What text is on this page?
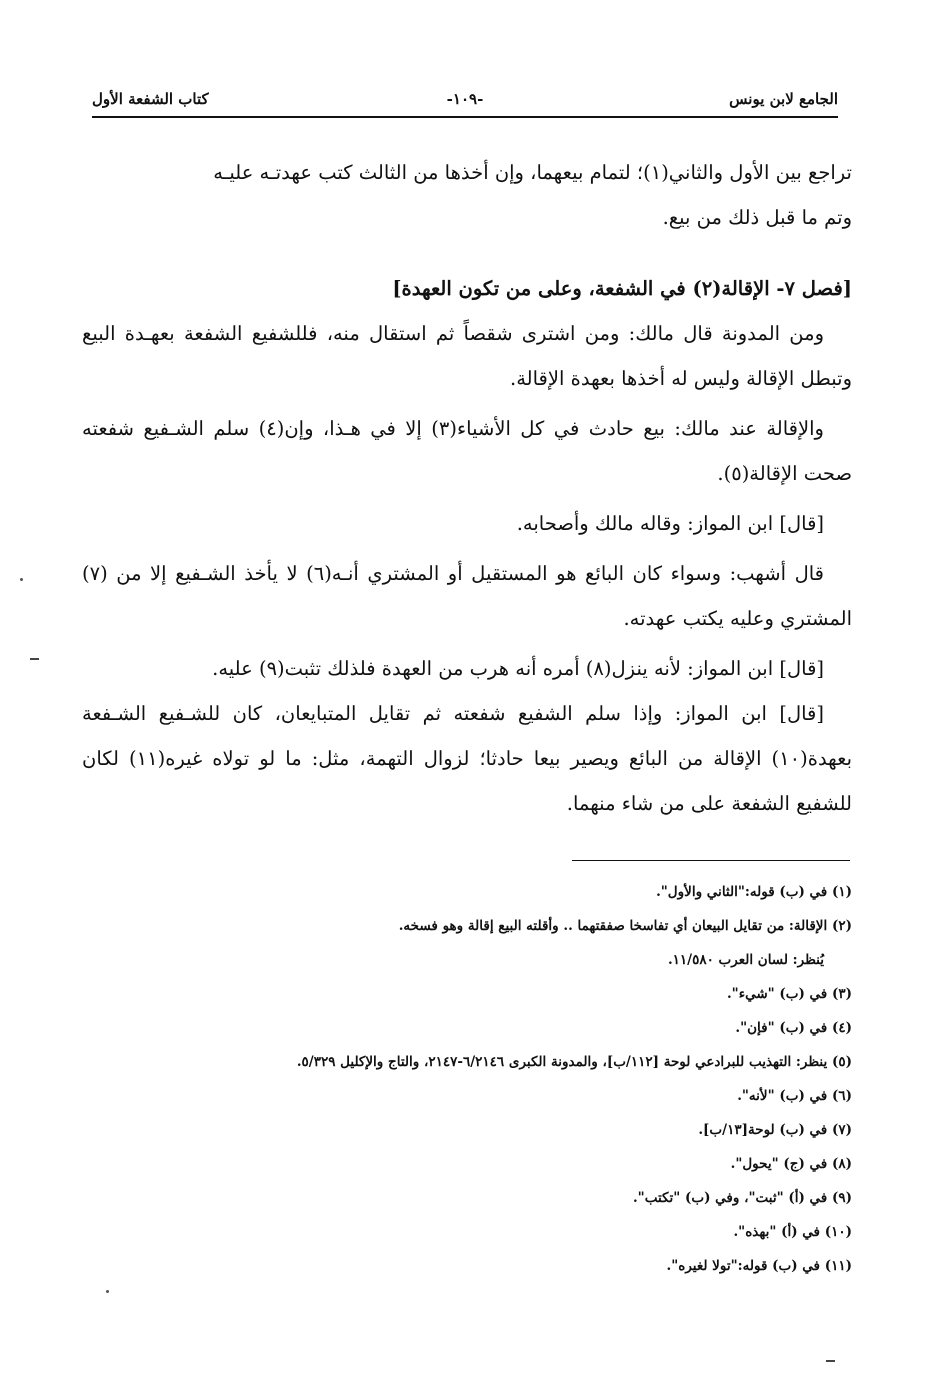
الجامع لابن يونس
-١٠٩-
كتاب الشفعة الأول

تراجع بين الأول والثاني(١)؛ لتمام بيعهما، وإن أخذها من الثالث كتب عهدتـه عليـه

وتم ما قبل ذلك من بيع.

[فصل ٧- الإقالة(٢) في الشفعة، وعلى من تكون العهدة]

ومن المدونة قال مالك: ومن اشترى شقصاً ثم استقال منه، فللشفيع الشفعة بعهـدة البيع وتبطل الإقالة وليس له أخذها بعهدة الإقالة.

والإقالة عند مالك: بيع حادث في كل الأشياء(٣) إلا في هـذا، وإن(٤) سلم الشـفيع شفعته صحت الإقالة(٥).

[قال] ابن المواز: وقاله مالك وأصحابه.

قال أشهب: وسواء كان البائع هو المستقيل أو المشتري أنـه(٦) لا يأخذ الشـفيع إلا من (٧) المشتري وعليه يكتب عهدته.

[قال] ابن المواز: لأنه ينزل(٨) أمره أنه هرب من العهدة فلذلك تثبت(٩) عليه.

[قال] ابن المواز: وإذا سلم الشفيع شفعته ثم تقايل المتبايعان، كان للشـفيع الشـفعة بعهدة(١٠) الإقالة من البائع ويصير بيعا حادثا؛ لزوال التهمة، مثل: ما لو تولاه غيره(١١) لكان للشفيع الشفعة على من شاء منهما.

(١) في (ب) قوله:"الثاني والأول".
(٢) الإقالة: من تقايل البيعان أي تفاسخا صفقتهما .. وأقلته البيع إقالة وهو فسخه.
يُنظر: لسان العرب ١١/٥٨٠.
(٣) في (ب) "شيء".
(٤) في (ب) "فإن".
(٥) ينظر: التهذيب للبرادعي لوحة [١١٢/ب]، والمدونة الكبرى ٦/٢١٤٦-٢١٤٧، والتاج والإكليل ٥/٣٢٩.
(٦) في (ب) "لأنه".
(٧) في (ب) لوحة[١٣/ب].
(٨) في (ج) "يحول".
(٩) في (أ) "ثبت"، وفي (ب) "تكتب".
(١٠) في (أ) "بهذه".
(١١) في (ب) قوله:"تولا لغيره".
